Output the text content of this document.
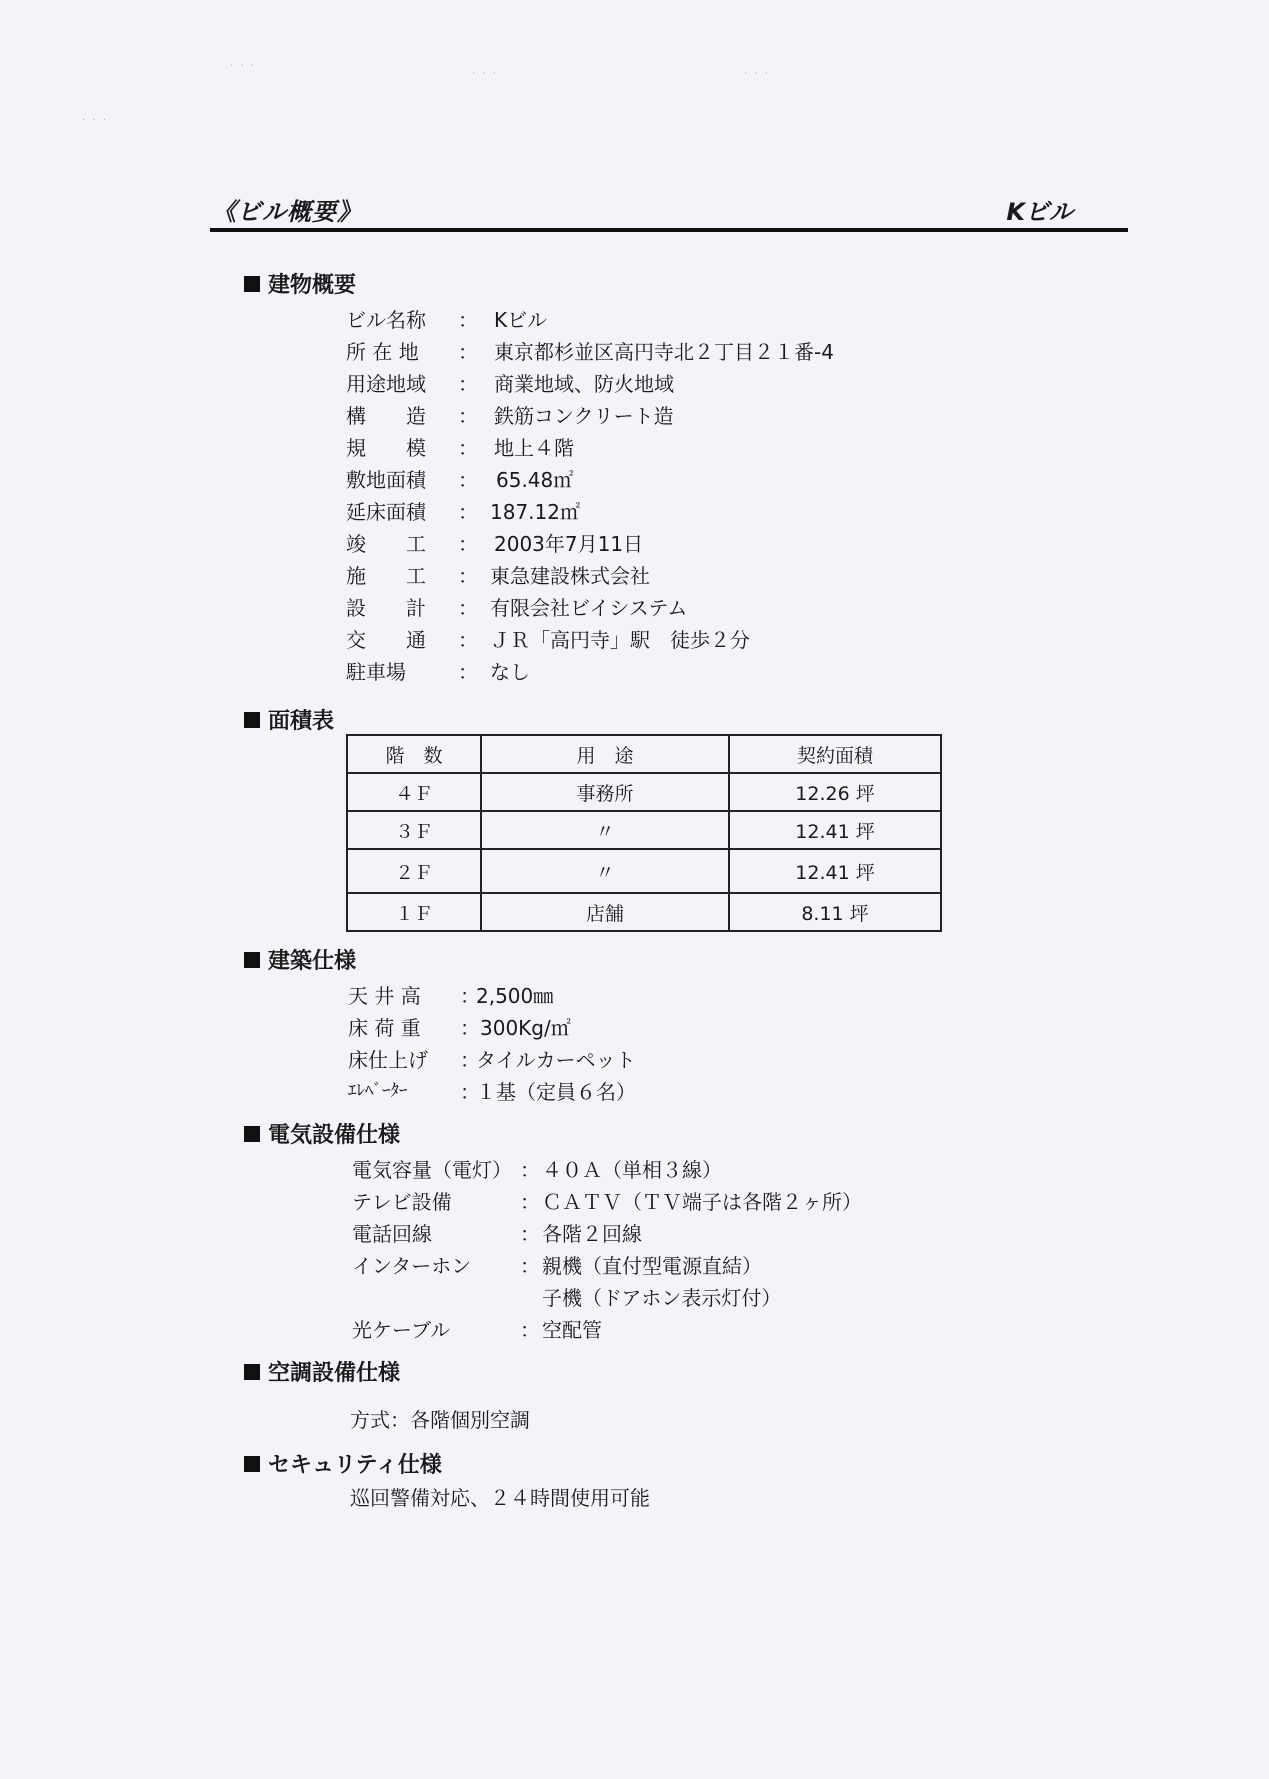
. . .
. . .
. . .	. . .
《ビル概要》	Kビル
建物概要
ビル名称 ： Kビル
所 在 地 ： 東京都杉並区高円寺北２丁目２１番-4
用途地域 ： 商業地域、防火地域
構　　造 ： 鉄筋コンクリート造
規　　模 ： 地上４階
敷地面積 ： 65.48㎡
延床面積 ： 187.12㎡
竣　　工 ： 2003年7月11日
施　　工 ： 東急建設株式会社
設　　計 ： 有限会社ビイシステム
交　　通 ： ＪＲ「高円寺」駅　徒歩２分
駐車場	： なし
面積表
階　数	用　途	契約面積
４Ｆ	事務所	12.26 坪
３Ｆ	〃	12.41 坪
２Ｆ	〃	12.41 坪
１Ｆ	店舗	8.11 坪
建築仕様
天 井 高 ：
2,500㎜
床 荷 重 ： 300Kg/㎡
床仕上げ ：
タイルカーペット
ｴﾚﾍﾞｰﾀｰ	：
１基（定員６名）
電気設備仕様
電気容量（電灯） ： ４０Ａ（単相３線）
テレビ設備	： ＣＡＴＶ（ＴＶ端子は各階２ヶ所）
電話回線	： 各階２回線
インターホン ： 親機（直付型電源直結）
子機（ドアホン表示灯付）
光ケーブル	： 空配管
空調設備仕様
方式：各階個別空調
セキュリティ仕様
巡回警備対応、２４時間使用可能
